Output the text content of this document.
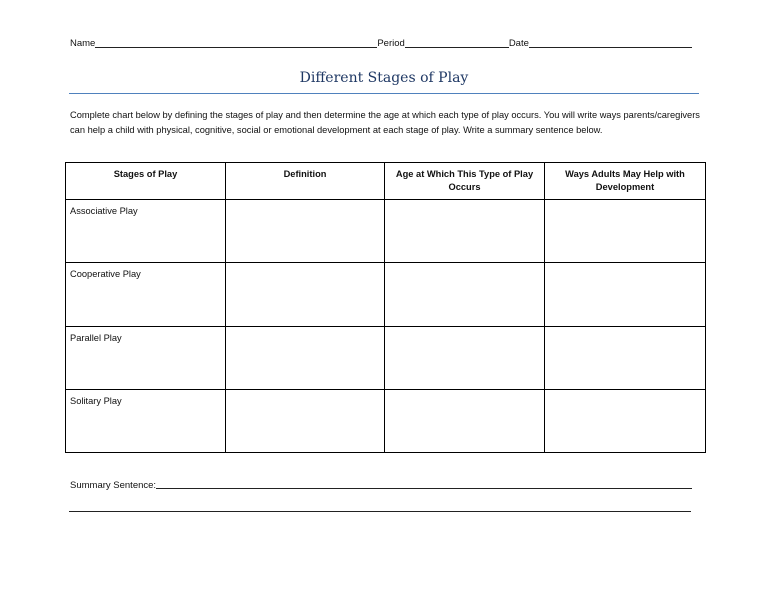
Name	Period	Date
Different Stages of Play
Complete chart below by defining the stages of play and then determine the age at which each type of play occurs. You will write ways parents/caregivers can help a child with physical, cognitive, social or emotional development at each stage of play. Write a summary sentence below.
Stages of Play	Definition	Age at Which This Type of Play Occurs	Ways Adults May Help with Development
Associative Play			
Cooperative Play			
Parallel Play			
Solitary Play			
Summary Sentence:
